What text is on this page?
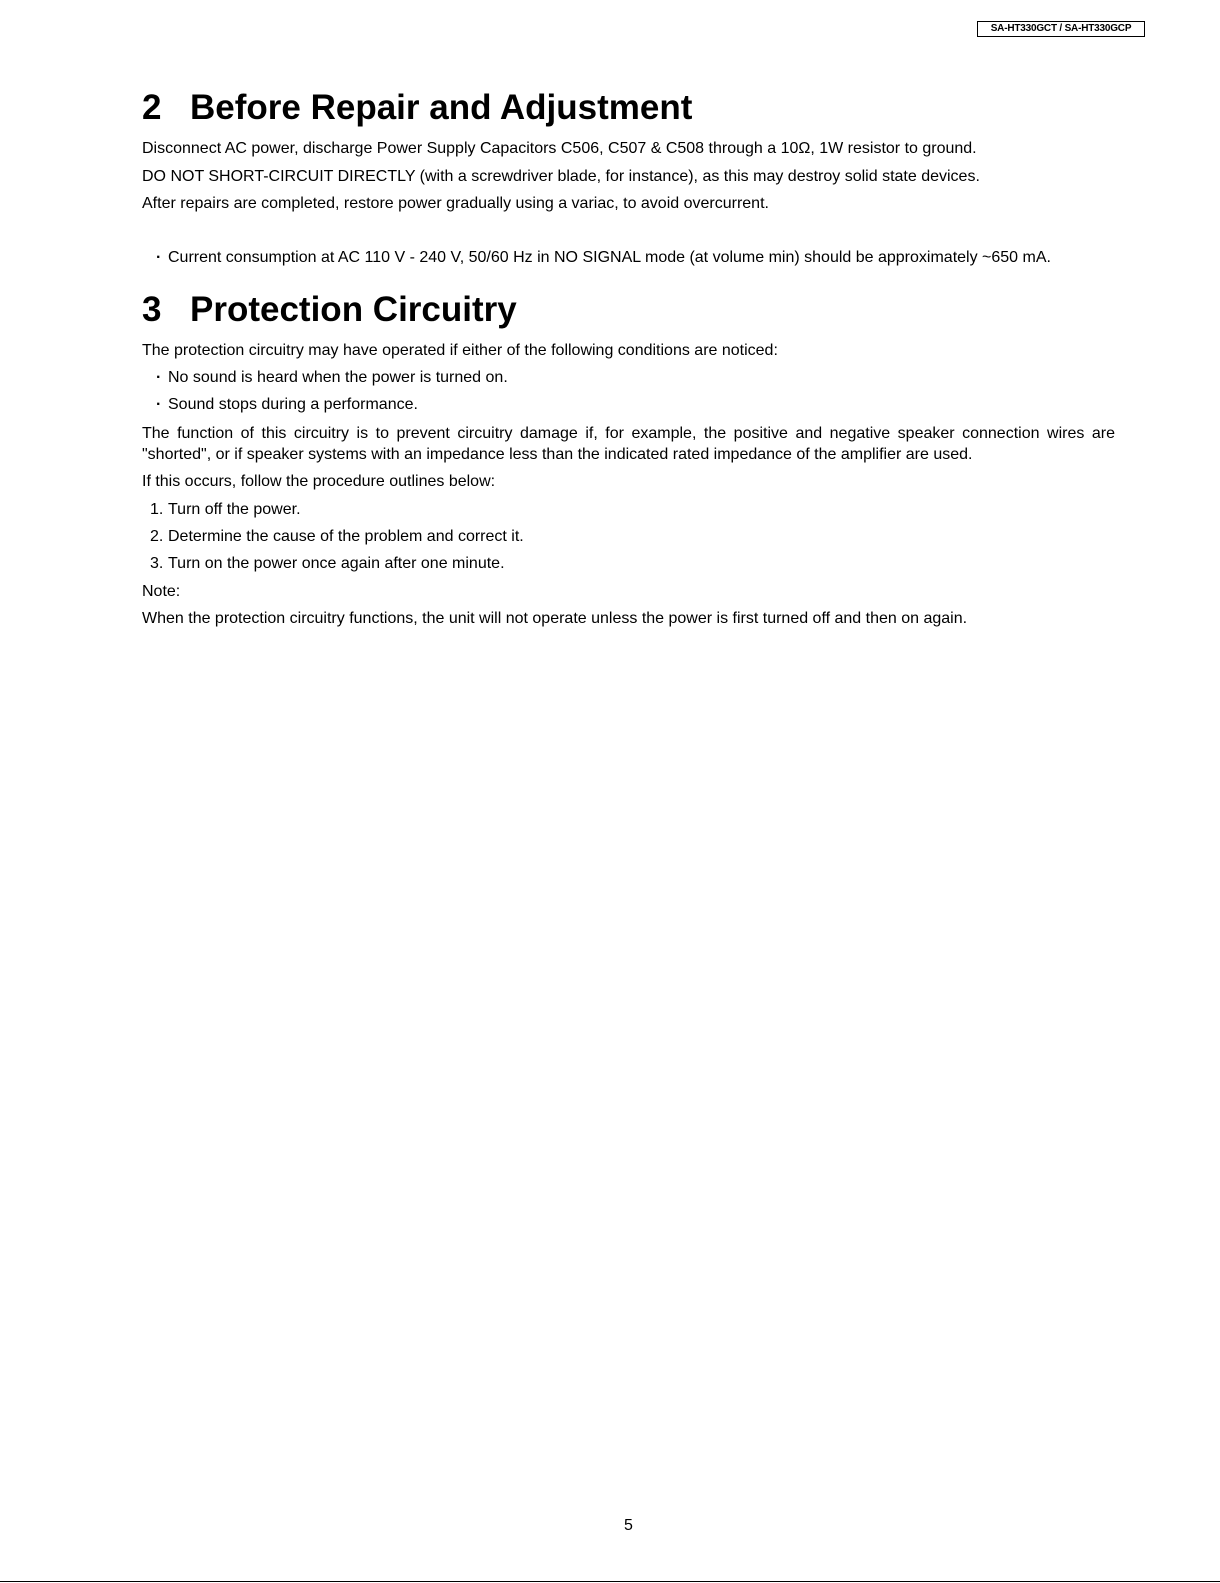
SA-HT330GCT / SA-HT330GCP
2 Before Repair and Adjustment
Disconnect AC power, discharge Power Supply Capacitors C506, C507 & C508 through a 10Ω, 1W resistor to ground.
DO NOT SHORT-CIRCUIT DIRECTLY (with a screwdriver blade, for instance), as this may destroy solid state devices.
After repairs are completed, restore power gradually using a variac, to avoid overcurrent.
· Current consumption at AC 110 V - 240 V, 50/60 Hz in NO SIGNAL mode (at volume min) should be approximately ~650 mA.
3 Protection Circuitry
The protection circuitry may have operated if either of the following conditions are noticed:
· No sound is heard when the power is turned on.
· Sound stops during a performance.
The function of this circuitry is to prevent circuitry damage if, for example, the positive and negative speaker connection wires are "shorted", or if speaker systems with an impedance less than the indicated rated impedance of the amplifier are used.
If this occurs, follow the procedure outlines below:
1. Turn off the power.
2. Determine the cause of the problem and correct it.
3. Turn on the power once again after one minute.
Note:
When the protection circuitry functions, the unit will not operate unless the power is first turned off and then on again.
5
